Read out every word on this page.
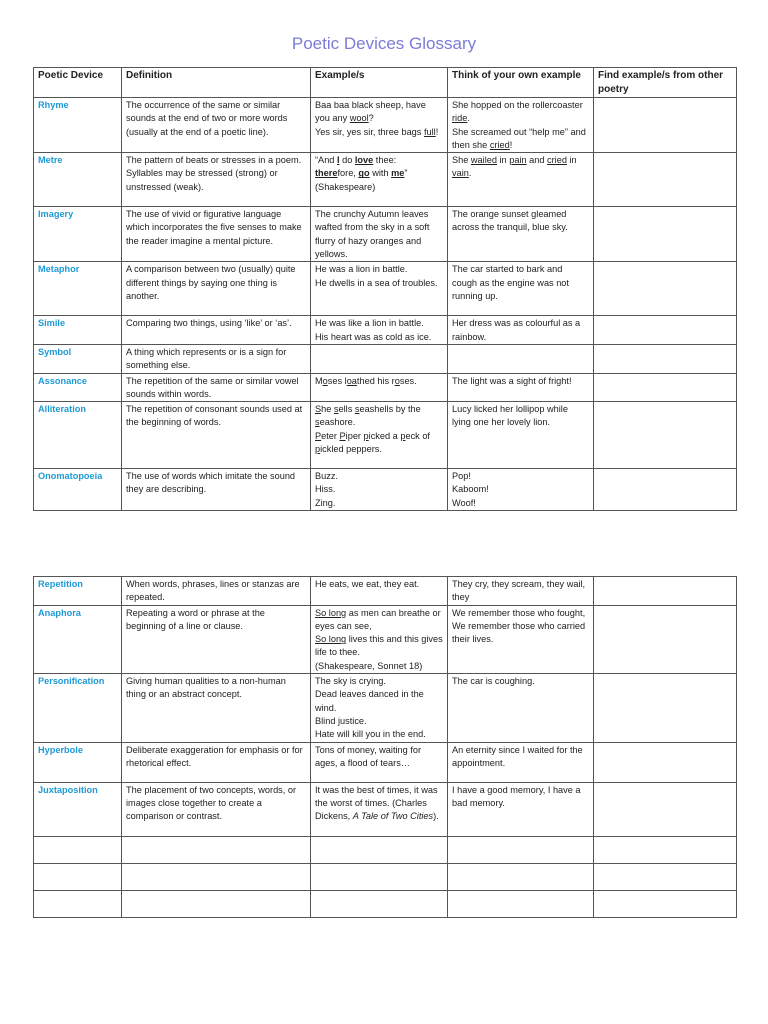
Poetic Devices Glossary
Poetic Device	Definition	Example/s	Think of your own example	Find example/s from other poetry
Rhyme	The occurrence of the same or similar sounds at the end of two or more words (usually at the end of a poetic line).	Baa baa black sheep, have you any wool?
Yes sir, yes sir, three bags full!	She hopped on the rollercoaster ride.
She screamed out “help me” and then she cried!	
Metre	The pattern of beats or stresses in a poem. Syllables may be stressed (strong) or unstressed (weak).	“And I do love thee:
therefore, go with me”
(Shakespeare)	She wailed in pain and cried in vain.	
Imagery	The use of vivid or figurative language which incorporates the five senses to make the reader imagine a mental picture.	The crunchy Autumn leaves wafted from the sky in a soft flurry of hazy oranges and yellows.	The orange sunset gleamed across the tranquil, blue sky.	
Metaphor	A comparison between two (usually) quite different things by saying one thing is another.	He was a lion in battle.
He dwells in a sea of troubles.	The car started to bark and cough as the engine was not running up.	
Simile	Comparing two things, using ‘like’ or ‘as’.	He was like a lion in battle.
His heart was as cold as ice.	Her dress was as colourful as a rainbow.	
Symbol	A thing which represents or is a sign for something else.			
Assonance	The repetition of the same or similar vowel sounds within words.	Moses loathed his roses.	The light was a sight of fright!	
Alliteration	The repetition of consonant sounds used at the beginning of words.	She sells seashells by the seashore.
Peter Piper picked a peck of pickled peppers.	Lucy licked her lollipop while lying one her lovely lion.	
Onomatopoeia	The use of words which imitate the sound they are describing.	Buzz.
Hiss.
Zing.	Pop!
Kaboom!
Woof!	
Repetition	When words, phrases, lines or stanzas are repeated.	He eats, we eat, they eat.	They cry, they scream, they wail, they	
Anaphora	Repeating a word or phrase at the beginning of a line or clause.	So long as men can breathe or eyes can see,
So long lives this and this gives life to thee.
(Shakespeare, Sonnet 18)	We remember those who fought,
We remember those who carried their lives.	
Personification	Giving human qualities to a non-human thing or an abstract concept.	The sky is crying.
Dead leaves danced in the wind.
Blind justice.
Hate will kill you in the end.	The car is coughing.	
Hyperbole	Deliberate exaggeration for emphasis or for rhetorical effect.	Tons of money, waiting for ages, a flood of tears…	An eternity since I waited for the appointment.	
Juxtaposition	The placement of two concepts, words, or images close together to create a comparison or contrast.	It was the best of times, it was the worst of times. (Charles Dickens, A Tale of Two Cities).	I have a good memory, I have a bad memory.	
